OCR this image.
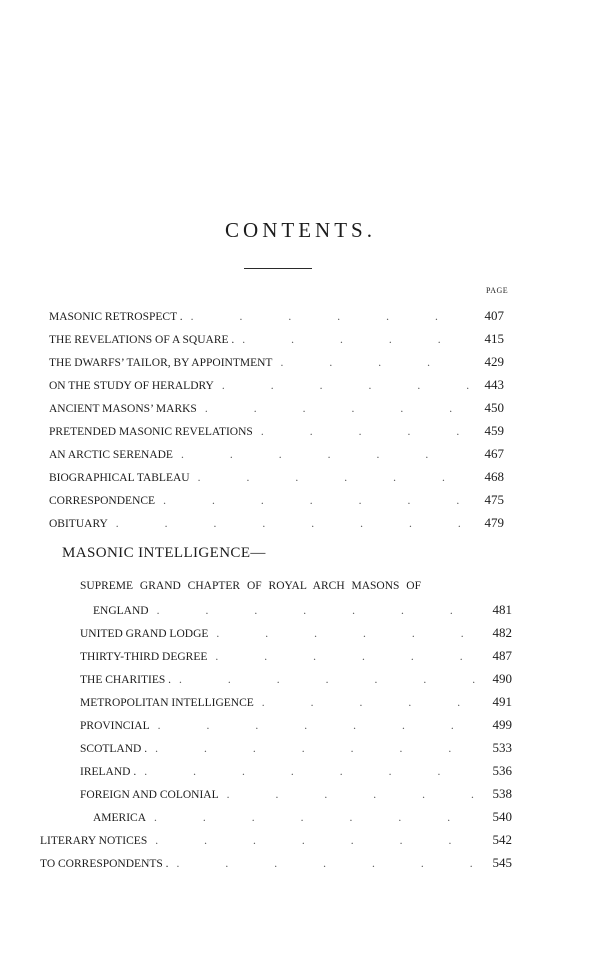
CONTENTS.
PAGE
MASONIC RETROSPECT . .	407
THE REVELATIONS OF A SQUARE . .	415
THE DWARFS’ TAILOR, BY APPOINTMENT .	429
ON THE STUDY OF HERALDRY .	443
ANCIENT MASONS’ MARKS .	450
PRETENDED MASONIC REVELATIONS .	459
AN ARCTIC SERENADE .	467
BIOGRAPHICAL TABLEAU .	468
CORRESPONDENCE .	475
OBITUARY .	479
MASONIC INTELLIGENCE—
SUPREME GRAND CHAPTER OF ROYAL ARCH MASONS OF
ENGLAND .	481
UNITED GRAND LODGE .	482
THIRTY-THIRD DEGREE .	487
THE CHARITIES . .	490
METROPOLITAN INTELLIGENCE .	491
PROVINCIAL .	499
SCOTLAND . .	533
IRELAND . .	536
FOREIGN AND COLONIAL .	538
AMERICA .	540
LITERARY NOTICES .	542
TO CORRESPONDENTS . .	545
